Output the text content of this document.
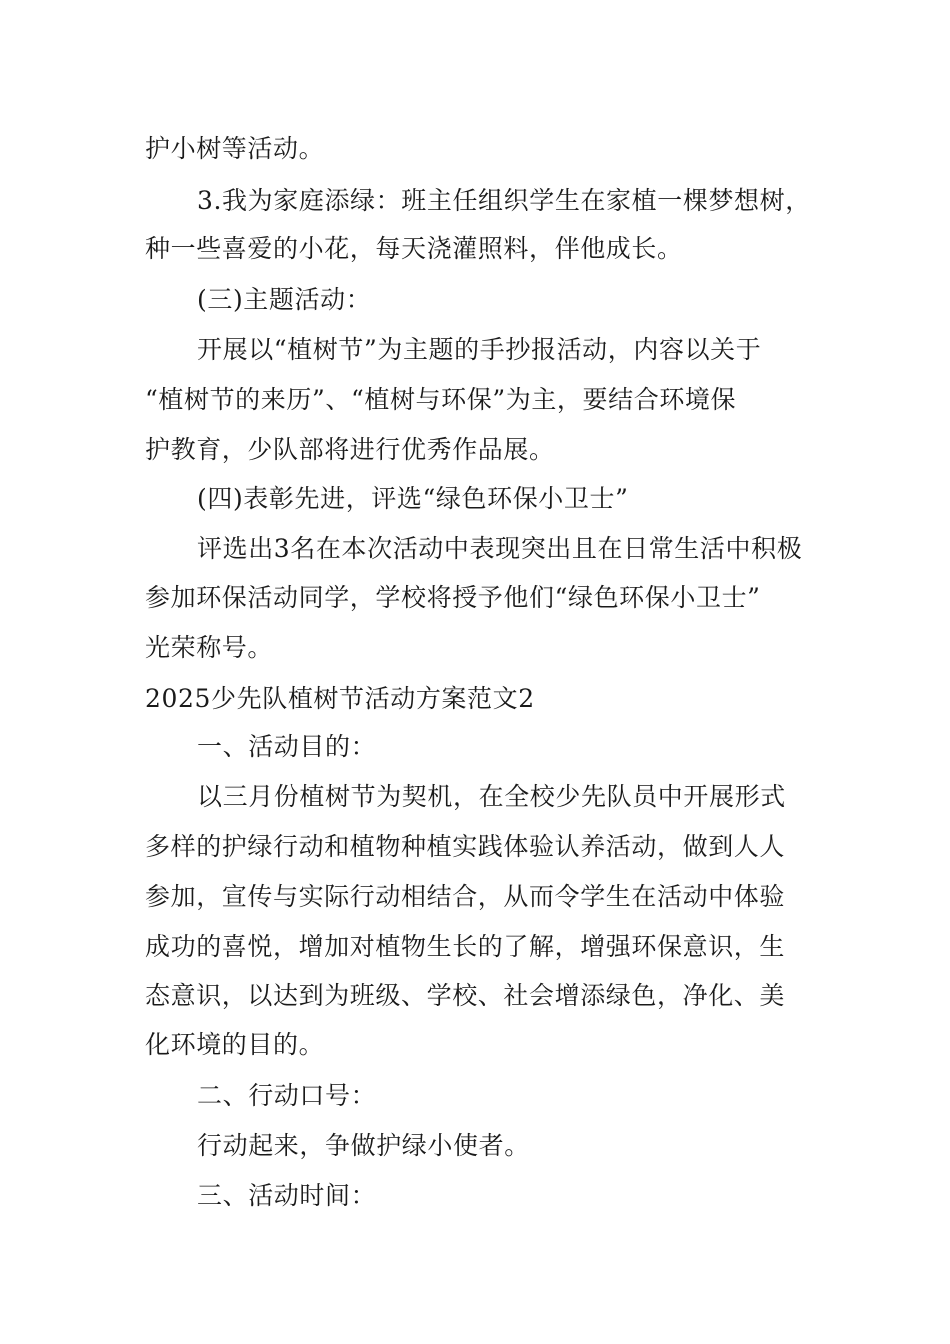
护小树等活动。
3.我为家庭添绿：班主任组织学生在家植一棵梦想树，
种一些喜爱的小花，每天浇灌照料，伴他成长。
(三)主题活动：
开展以“植树节”为主题的手抄报活动，内容以关于
“植树节的来历”、“植树与环保”为主，要结合环境保
护教育，少队部将进行优秀作品展。
(四)表彰先进，评选“绿色环保小卫士”
评选出3名在本次活动中表现突出且在日常生活中积极
参加环保活动同学，学校将授予他们“绿色环保小卫士”
光荣称号。
2025少先队植树节活动方案范文2
一、活动目的：
以三月份植树节为契机，在全校少先队员中开展形式
多样的护绿行动和植物种植实践体验认养活动，做到人人
参加，宣传与实际行动相结合，从而令学生在活动中体验
成功的喜悦，增加对植物生长的了解，增强环保意识，生
态意识，以达到为班级、学校、社会增添绿色，净化、美
化环境的目的。
二、行动口号：
行动起来，争做护绿小使者。
三、活动时间：
